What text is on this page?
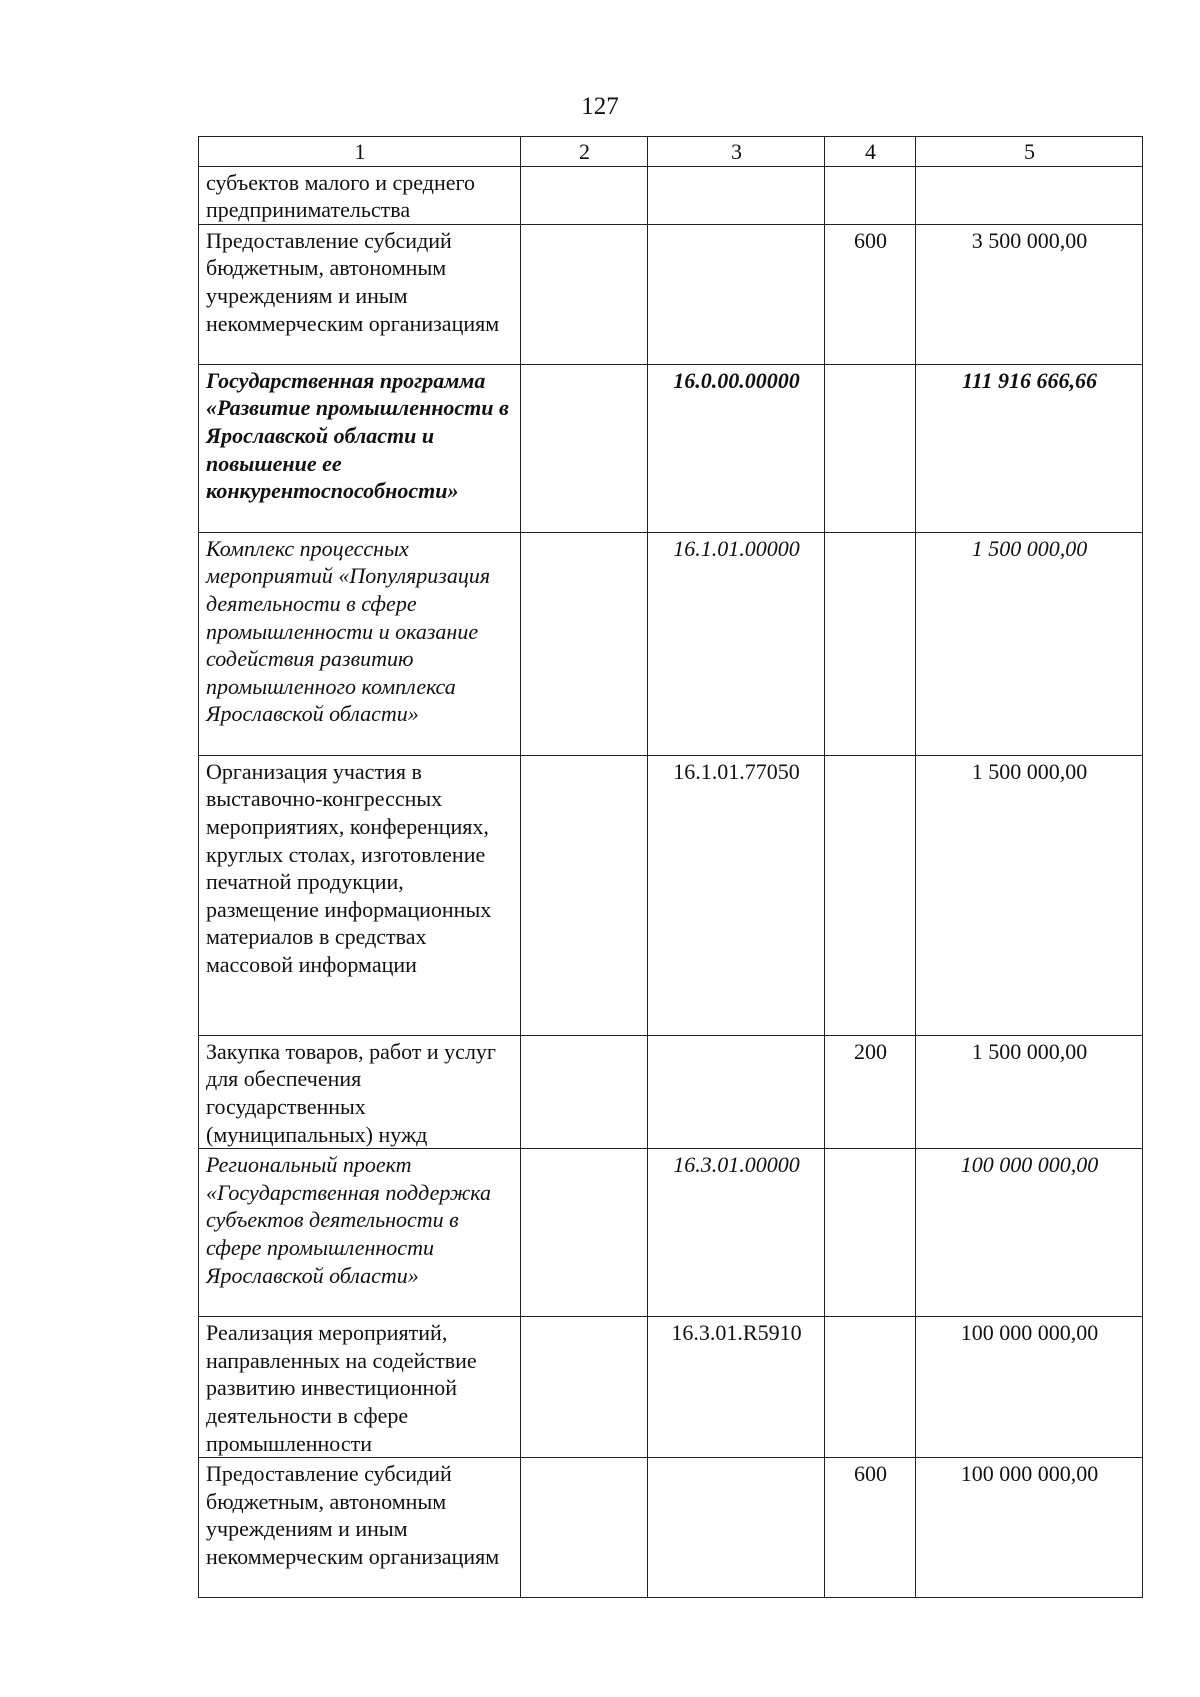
127
1	2	3	4	5
субъектов малого и среднего предпринимательства				
Предоставление субсидий бюджетным, автономным учреждениям и иным некоммерческим организациям			600	3 500 000,00
Государственная программа «Развитие промышленности в Ярославской области и повышение ее конкурентоспособности»		16.0.00.00000		111 916 666,66
Комплекс процессных мероприятий «Популяризация деятельности в сфере промышленности и оказание содействия развитию промышленного комплекса Ярославской области»		16.1.01.00000		1 500 000,00
Организация участия в выставочно-конгрессных мероприятиях, конференциях, круглых столах, изготовление печатной продукции, размещение информационных материалов в средствах массовой информации		16.1.01.77050		1 500 000,00
Закупка товаров, работ и услуг для обеспечения государственных (муниципальных) нужд			200	1 500 000,00
Региональный проект «Государственная поддержка субъектов деятельности в сфере промышленности Ярославской области»		16.3.01.00000		100 000 000,00
Реализация мероприятий, направленных на содействие развитию инвестиционной деятельности в сфере промышленности		16.3.01.R5910		100 000 000,00
Предоставление субсидий бюджетным, автономным учреждениям и иным некоммерческим организациям			600	100 000 000,00
